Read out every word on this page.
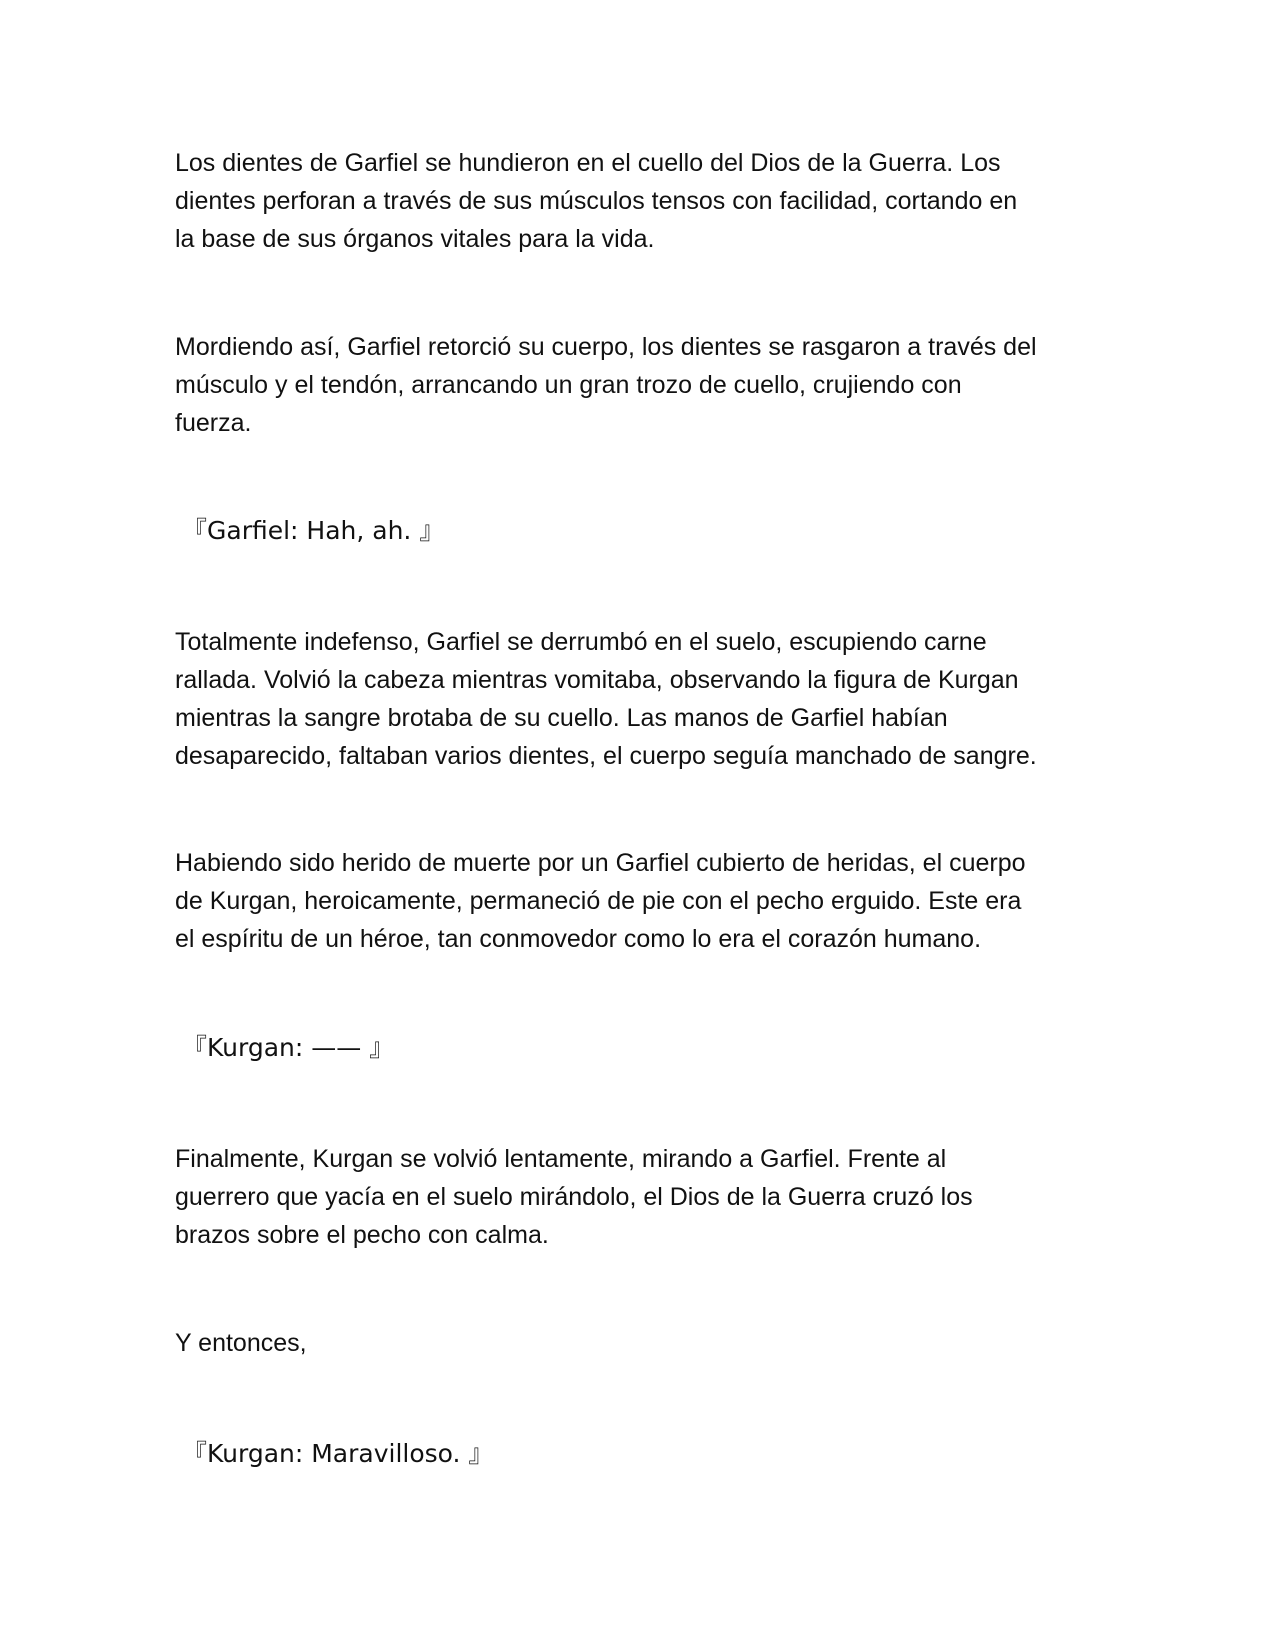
Los dientes de Garfiel se hundieron en el cuello del Dios de la Guerra. Los
dientes perforan a través de sus músculos tensos con facilidad, cortando en
la base de sus órganos vitales para la vida.
Mordiendo así, Garfiel retorció su cuerpo, los dientes se rasgaron a través del
músculo y el tendón, arrancando un gran trozo de cuello, crujiendo con
fuerza.
『Garfiel: Hah, ah. 』
Totalmente indefenso, Garfiel se derrumbó en el suelo, escupiendo carne
rallada. Volvió la cabeza mientras vomitaba, observando la figura de Kurgan
mientras la sangre brotaba de su cuello. Las manos de Garfiel habían
desaparecido, faltaban varios dientes, el cuerpo seguía manchado de sangre.
Habiendo sido herido de muerte por un Garfiel cubierto de heridas, el cuerpo
de Kurgan, heroicamente, permaneció de pie con el pecho erguido. Este era
el espíritu de un héroe, tan conmovedor como lo era el corazón humano.
『Kurgan: —— 』
Finalmente, Kurgan se volvió lentamente, mirando a Garfiel. Frente al
guerrero que yacía en el suelo mirándolo, el Dios de la Guerra cruzó los
brazos sobre el pecho con calma.
Y entonces,
『Kurgan: Maravilloso. 』
